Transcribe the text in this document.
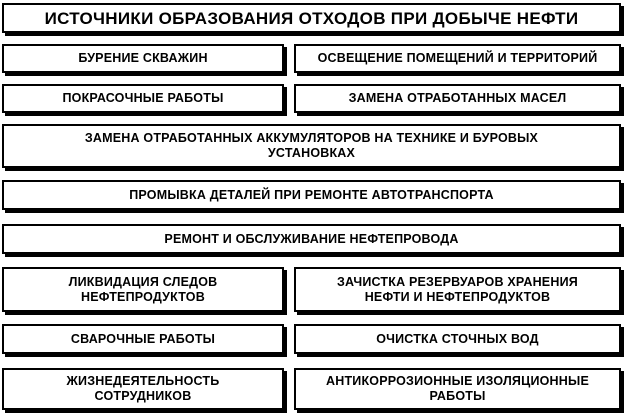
ИСТОЧНИКИ ОБРАЗОВАНИЯ ОТХОДОВ ПРИ ДОБЫЧЕ НЕФТИ
БУРЕНИЕ СКВАЖИН	ОСВЕЩЕНИЕ ПОМЕЩЕНИЙ И ТЕРРИТОРИЙ
ПОКРАСОЧНЫЕ РАБОТЫ	ЗАМЕНА ОТРАБОТАННЫХ МАСЕЛ
ЗАМЕНА ОТРАБОТАННЫХ АККУМУЛЯТОРОВ НА ТЕХНИКЕ И БУРОВЫХ УСТАНОВКАХ
ПРОМЫВКА ДЕТАЛЕЙ ПРИ РЕМОНТЕ АВТОТРАНСПОРТА
РЕМОНТ И ОБСЛУЖИВАНИЕ НЕФТЕПРОВОДА
ЛИКВИДАЦИЯ СЛЕДОВ НЕФТЕПРОДУКТОВ
ЗАЧИСТКА РЕЗЕРВУАРОВ ХРАНЕНИЯ НЕФТИ И НЕФТЕПРОДУКТОВ
СВАРОЧНЫЕ РАБОТЫ	ОЧИСТКА СТОЧНЫХ ВОД
ЖИЗНЕДЕЯТЕЛЬНОСТЬ СОТРУДНИКОВ
АНТИКОРРОЗИОННЫЕ ИЗОЛЯЦИОННЫЕ РАБОТЫ
